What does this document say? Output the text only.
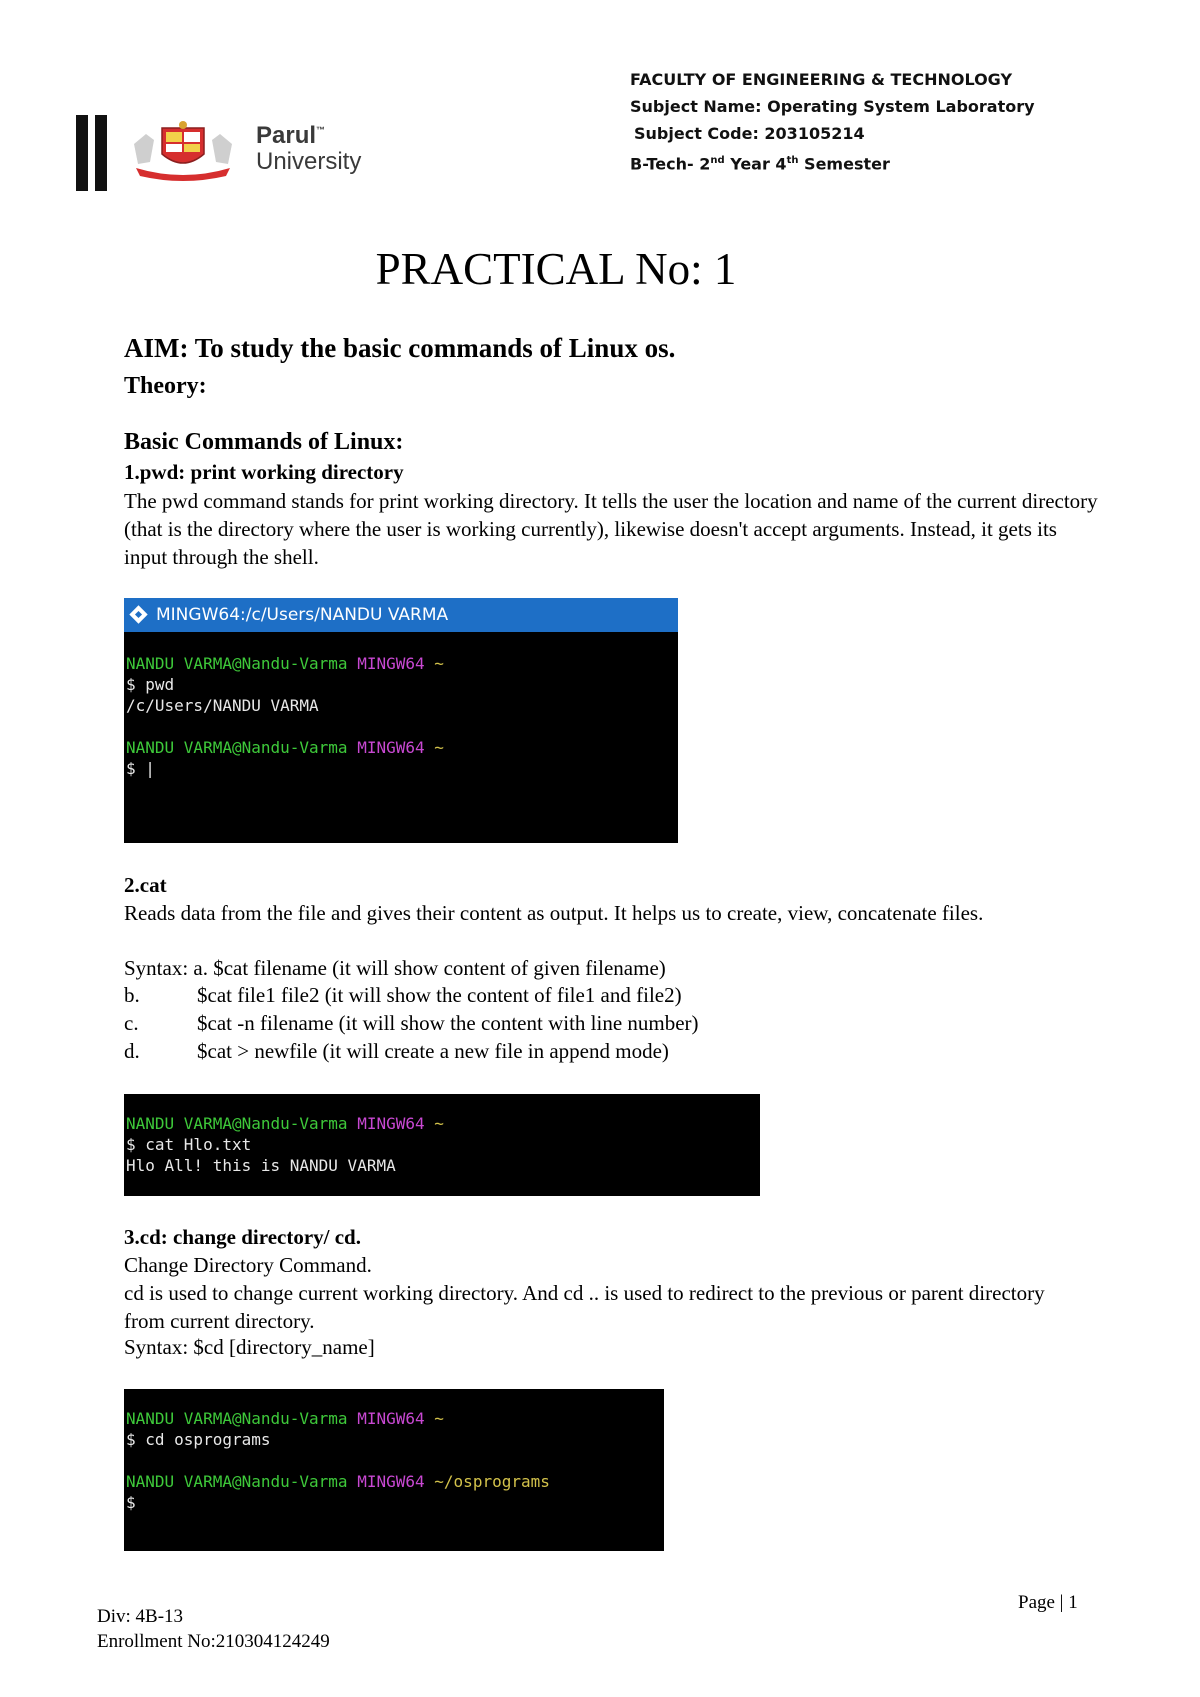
Parul™
University
FACULTY OF ENGINEERING & TECHNOLOGY
Subject Name: Operating System Laboratory
Subject Code: 203105214
B-Tech- 2nd Year 4th Semester
PRACTICAL No: 1
AIM: To study the basic commands of Linux os.
Theory:
Basic Commands of Linux:
1.pwd: print working directory
The pwd command stands for print working directory. It tells the user the location and name of the current directory (that is the directory where the user is working currently), likewise doesn't accept arguments. Instead, it gets its input through the shell.
MINGW64:/c/Users/NANDU VARMA
NANDU VARMA@Nandu-Varma MINGW64 ~
$ pwd
/c/Users/NANDU VARMA
NANDU VARMA@Nandu-Varma MINGW64 ~
$ |
2.cat
Reads data from the file and gives their content as output. It helps us to create, view, concatenate files.
Syntax: a. $cat filename (it will show content of given filename)
b.	$cat file1 file2 (it will show the content of file1 and file2)
c.	$cat -n filename (it will show the content with line number)
d.	$cat > newfile (it will create a new file in append mode)
NANDU VARMA@Nandu-Varma MINGW64 ~
$ cat Hlo.txt
Hlo All! this is NANDU VARMA
3.cd: change directory/ cd.
Change Directory Command.
cd is used to change current working directory. And cd .. is used to redirect to the previous or parent directory from current directory.
Syntax: $cd [directory_name]
NANDU VARMA@Nandu-Varma MINGW64 ~
$ cd osprograms
NANDU VARMA@Nandu-Varma MINGW64 ~/osprograms
$
Div: 4B-13
Enrollment No:210304124249
Page | 1
